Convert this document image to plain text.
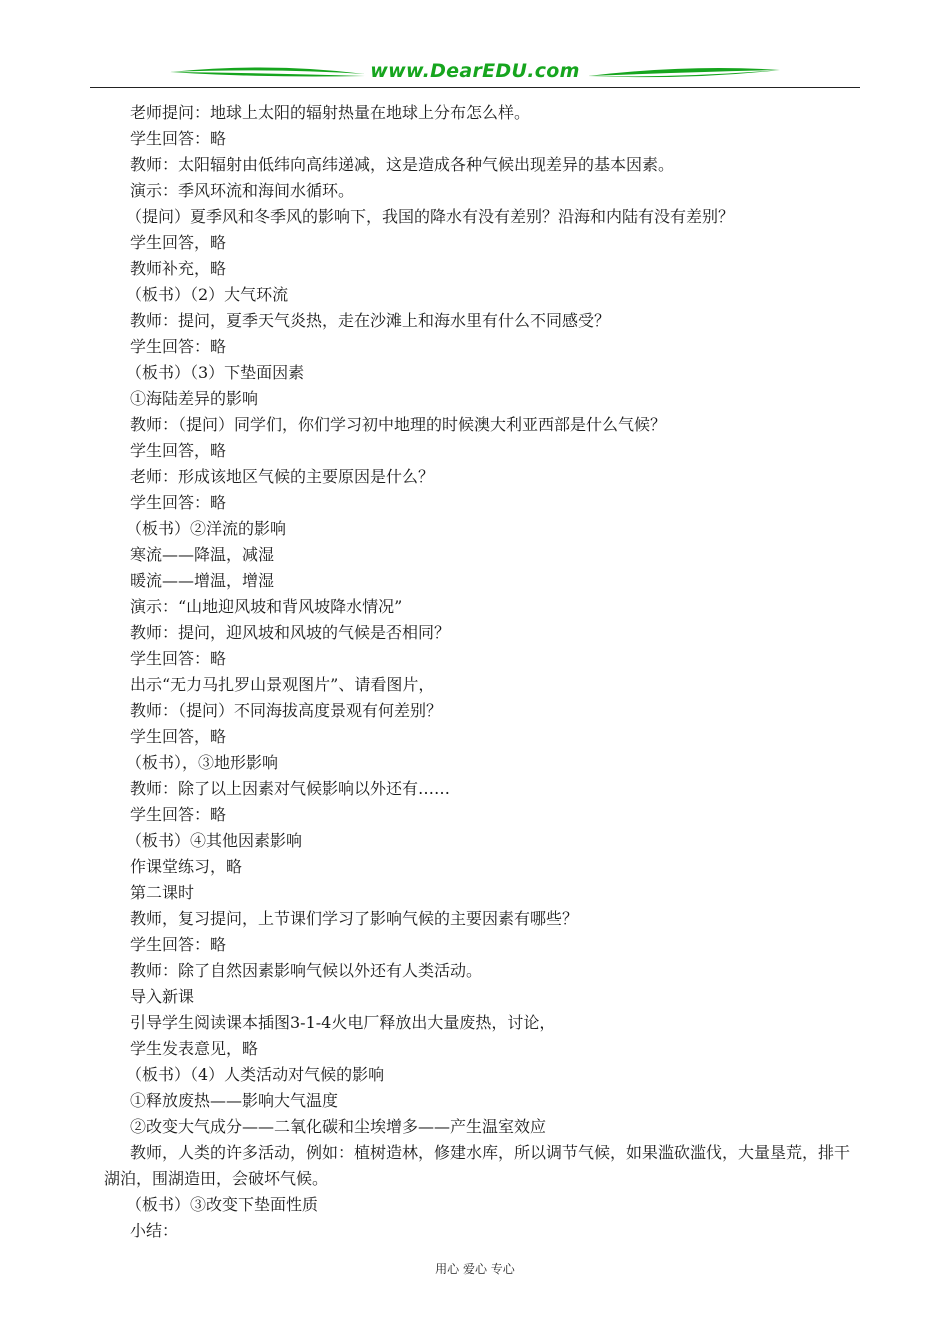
www.DearEDU.com
老师提问：地球上太阳的辐射热量在地球上分布怎么样。
学生回答：略
教师：太阳辐射由低纬向高纬递减，这是造成各种气候出现差异的基本因素。
演示：季风环流和海间水循环。
（提问）夏季风和冬季风的影响下，我国的降水有没有差别？沿海和内陆有没有差别？
学生回答，略
教师补充，略
（板书）（2）大气环流
教师：提问，夏季天气炎热，走在沙滩上和海水里有什么不同感受？
学生回答：略
（板书）（3）下垫面因素
①海陆差异的影响
教师：（提问）同学们，你们学习初中地理的时候澳大利亚西部是什么气候？
学生回答，略
老师：形成该地区气候的主要原因是什么？
学生回答：略
（板书）②洋流的影响
寒流——降温，减湿
暖流——增温，增湿
演示：“山地迎风坡和背风坡降水情况”
教师：提问，迎风坡和风坡的气候是否相同？
学生回答：略
出示“无力马扎罗山景观图片”、请看图片，
教师：（提问）不同海拔高度景观有何差别？
学生回答，略
（板书），③地形影响
教师：除了以上因素对气候影响以外还有……
学生回答：略
（板书）④其他因素影响
作课堂练习，略
第二课时
教师，复习提问，上节课们学习了影响气候的主要因素有哪些？
学生回答：略
教师：除了自然因素影响气候以外还有人类活动。
导入新课
引导学生阅读课本插图3-1-4火电厂释放出大量废热，讨论，
学生发表意见，略
（板书）（4）人类活动对气候的影响
①释放废热——影响大气温度
②改变大气成分——二氧化碳和尘埃增多——产生温室效应
教师，人类的许多活动，例如：植树造林，修建水库，所以调节气候，如果滥砍滥伐，大量垦荒，排干湖泊，围湖造田，会破坏气候。
（板书）③改变下垫面性质
小结：
用心 爱心 专心
